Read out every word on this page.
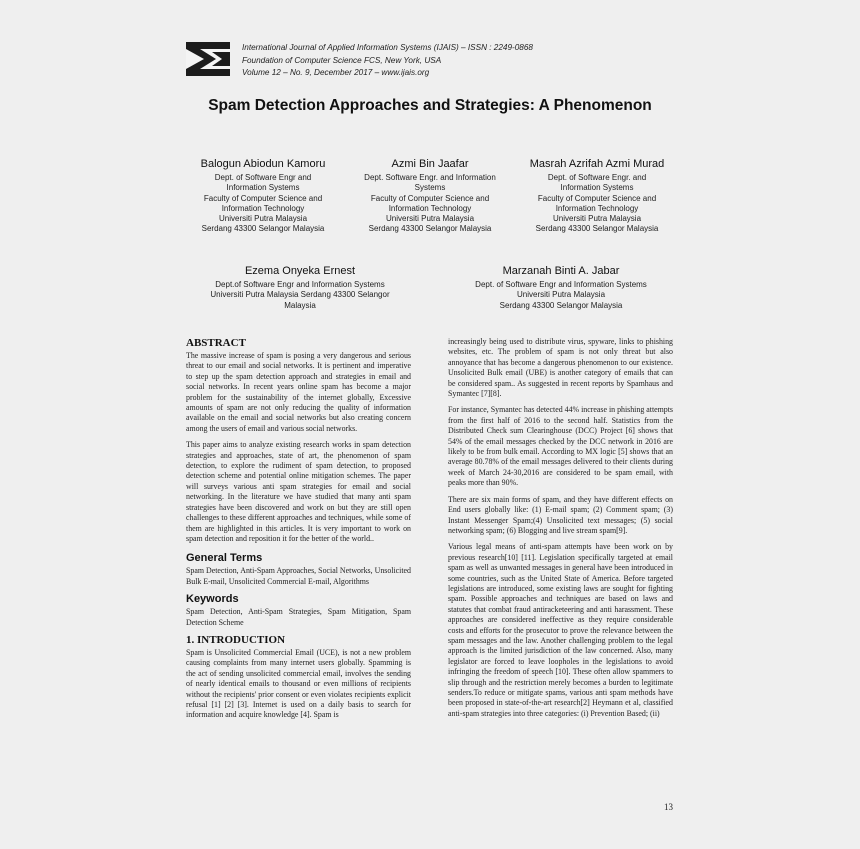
International Journal of Applied Information Systems (IJAIS) – ISSN : 2249-0868
Foundation of Computer Science FCS, New York, USA
Volume 12 – No. 9, December 2017 – www.ijais.org
Spam Detection Approaches and Strategies: A Phenomenon
Balogun Abiodun Kamoru
Dept. of Software Engr and
Information Systems
Faculty of Computer Science and
Information Technology
Universiti Putra Malaysia
Serdang 43300 Selangor Malaysia
Azmi Bin Jaafar
Dept. Software Engr. and Information
Systems
Faculty of Computer Science and
Information Technology
Universiti Putra Malaysia
Serdang 43300 Selangor Malaysia
Masrah Azrifah Azmi Murad
Dept. of Software Engr. and
Information Systems
Faculty of Computer Science and
Information Technology
Universiti Putra Malaysia
Serdang 43300 Selangor Malaysia
Ezema Onyeka Ernest
Dept.of Software Engr and Information Systems
Universiti Putra Malaysia Serdang 43300 Selangor
Malaysia
Marzanah Binti A. Jabar
Dept. of Software Engr and Information Systems
Universiti Putra Malaysia
Serdang 43300 Selangor Malaysia
ABSTRACT

The massive increase of spam is posing a very dangerous and serious threat to our email and social networks. It is pertinent and imperative to step up the spam detection approach and strategies in email and social networks. In recent years online spam has become a major problem for the sustainability of the internet globally, Excessive amounts of spam are not only reducing the quality of information available on the email and social networks but also creating concern among the users of email and various social networks.

This paper aims to analyze existing research works in spam detection strategies and approaches, state of art, the phenomenon of spam detection, to explore the rudiment of spam detection, to proposed detection scheme and potential online mitigation schemes. The paper will surveys various anti spam strategies for email and social networking. In the literature we have studied that many anti spam strategies have been discovered and work on but they are still open challenges to these different approaches and techniques, while some of them are highlighted in this articles. It is very important to work on spam detection and reposition it for the better of the world..

General Terms

Spam Detection, Anti-Spam Approaches, Social Networks, Unsolicited Bulk E-mail, Unsolicited Commercial E-mail, Algorithms

Keywords

Spam Detection, Anti-Spam Strategies, Spam Mitigation, Spam Detection Scheme

1. INTRODUCTION

Spam is Unsolicited Commercial Email (UCE), is not a new problem causing complaints from many internet users globally. Spamming is the act of sending unsolicited commercial email, involves the sending of nearly identical emails to thousand or even millions of recipients without the recipients' prior consent or even violates recipients explicit refusal [1] [2] [3]. Internet is used on a daily basis to search for information and acquire knowledge [4]. Spam is

increasingly being used to distribute virus, spyware, links to phishing websites, etc. The problem of spam is not only threat but also annoyance that has become a dangerous phenomenon to our existence. Unsolicited Bulk email (UBE) is another category of emails that can be considered spam.. As suggested in recent reports by Spamhaus and Symantec [7][8].

For instance, Symantec has detected 44% increase in phishing attempts from the first half of 2016 to the second half. Statistics from the Distributed Check sum Clearinghouse (DCC) Project [6] shows that 54% of the email messages checked by the DCC network in 2016 are likely to be from bulk email. According to MX logic [5] shows that an average 80.78% of the email messages delivered to their clients during week of March 24-30,2016 are considered to be spam email, with peaks more than 90%.

There are six main forms of spam, and they have different effects on End users globally like: (1) E-mail spam; (2) Comment spam; (3) Instant Messenger Spam;(4) Unsolicited text messages; (5) social networking spam; (6) Blogging and live stream spam[9].

Various legal means of anti-spam attempts have been work on by previous research[10] [11]. Legislation specifically targeted at email spam as well as unwanted messages in general have been introduced in some countries, such as the United State of America. Before targeted legislations are introduced, some existing laws are sought for fighting spam. Possible approaches and techniques are based on laws and statutes that combat fraud antiracketeering and anti harassment. These approaches are considered ineffective as they require considerable costs and efforts for the prosecutor to prove the relevance between the spam messages and the law. Another challenging problem to the legal approach is the limited jurisdiction of the law concerned. Also, many legislator are forced to leave loopholes in the legislations to avoid infringing the freedom of speech [10]. These often allow spammers to slip through and the restriction merely becomes a burden to legitimate senders.To reduce or mitigate spams, various anti spam methods have been proposed in state-of-the-art research[2] Heymann et al, classified anti-spam strategies into three categories: (i) Prevention Based; (ii)

13
